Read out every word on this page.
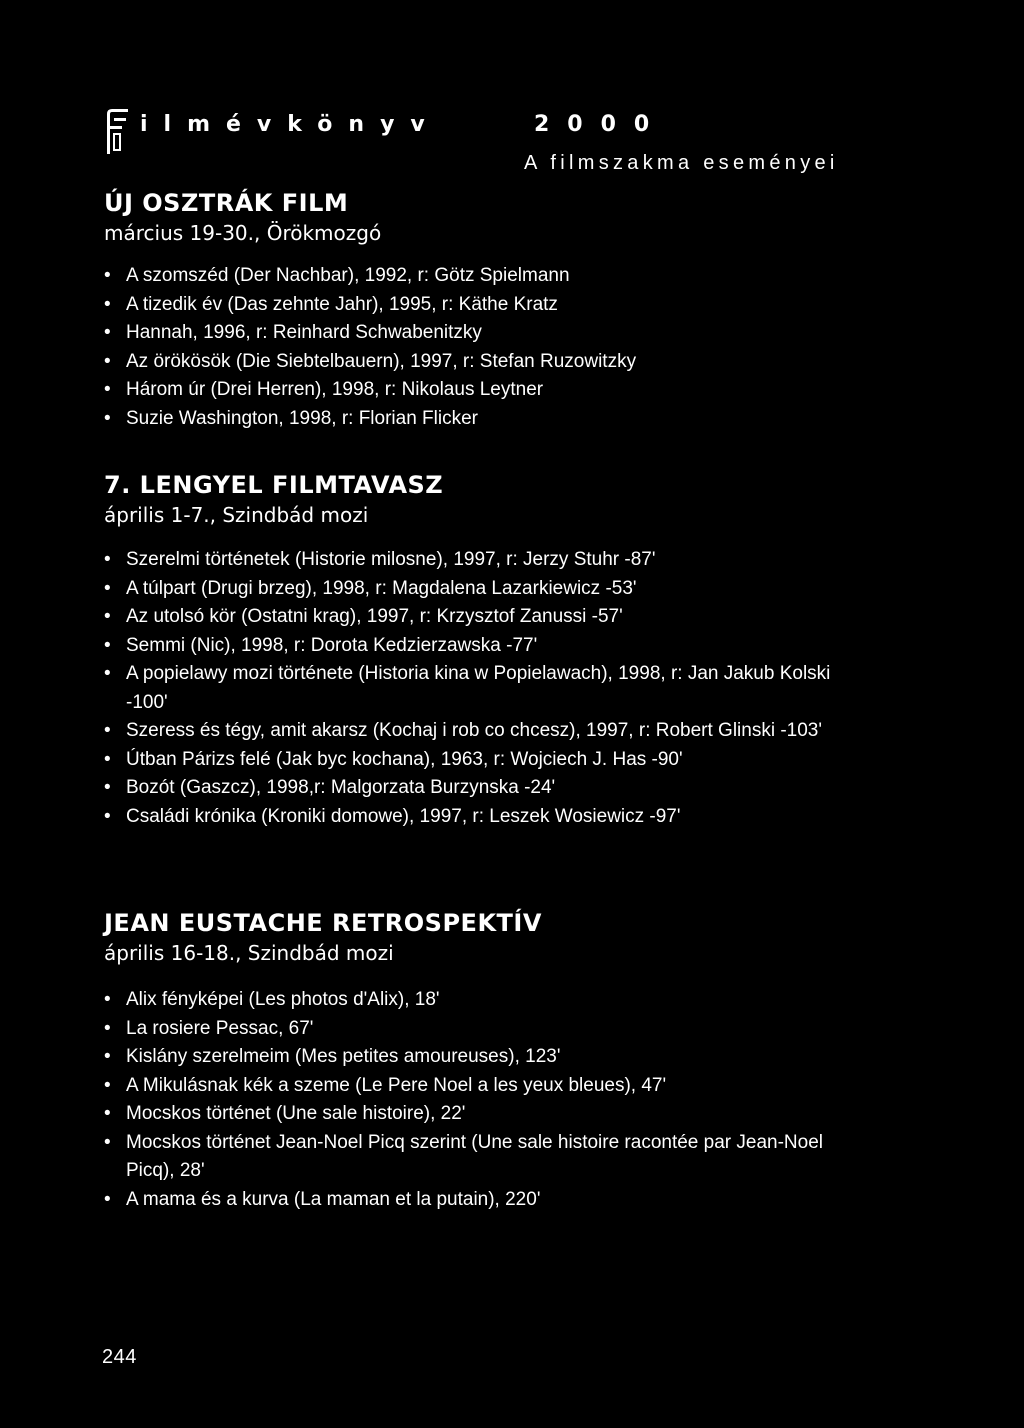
ilmévkönyv	2000
A filmszakma eseményei
ÚJ OSZTRÁK FILM
március 19-30., Örökmozgó
• A szomszéd (Der Nachbar), 1992, r: Götz Spielmann
• A tizedik év (Das zehnte Jahr), 1995, r: Käthe Kratz
• Hannah, 1996, r: Reinhard Schwabenitzky
• Az örökösök (Die Siebtelbauern), 1997, r: Stefan Ruzowitzky
• Három úr (Drei Herren), 1998, r: Nikolaus Leytner
• Suzie Washington, 1998, r: Florian Flicker
7. LENGYEL FILMTAVASZ
április 1-7., Szindbád mozi
• Szerelmi történetek (Historie milosne), 1997, r: Jerzy Stuhr -87'
• A túlpart (Drugi brzeg), 1998, r: Magdalena Lazarkiewicz -53'
• Az utolsó kör (Ostatni krag), 1997, r: Krzysztof Zanussi -57'
• Semmi (Nic), 1998, r: Dorota Kedzierzawska -77'
• A popielawy mozi története (Historia kina w Popielawach), 1998, r: Jan Jakub Kolski -100'
• Szeress és tégy, amit akarsz (Kochaj i rob co chcesz), 1997, r: Robert Glinski -103'
• Útban Párizs felé (Jak byc kochana), 1963, r: Wojciech J. Has -90'
• Bozót (Gaszcz), 1998,r: Malgorzata Burzynska -24'
• Családi krónika (Kroniki domowe), 1997, r: Leszek Wosiewicz -97'
JEAN EUSTACHE RETROSPEKTÍV
április 16-18., Szindbád mozi
• Alix fényképei (Les photos d'Alix), 18'
• La rosiere Pessac, 67'
• Kislány szerelmeim (Mes petites amoureuses), 123'
• A Mikulásnak kék a szeme (Le Pere Noel a les yeux bleues), 47'
• Mocskos történet (Une sale histoire), 22'
• Mocskos történet Jean-Noel Picq szerint (Une sale histoire racontée par Jean-Noel Picq), 28'
• A mama és a kurva (La maman et la putain), 220'
244
